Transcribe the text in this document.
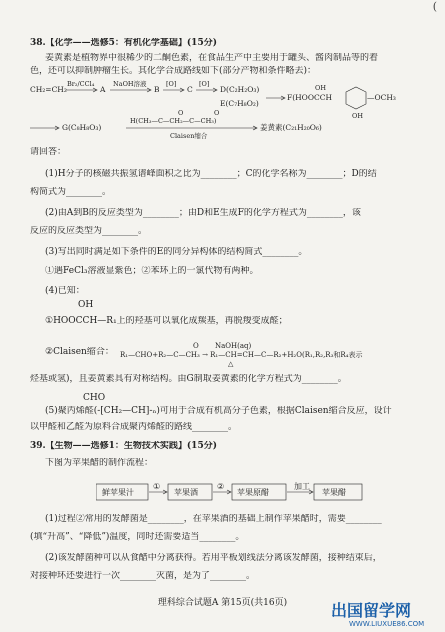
(
38.【化学——选修5：有机化学基础】(15分)
姜黄素是植物界中很稀少的二酮色素，在食品生产中主要用于罐头、酱肉制品等的着
色，还可以抑制肿瘤生长。其化学合成路线如下(部分产物和条件略去)：
CH₂=CH₂
Br₂/CCl₄
A
NaOH溶液
B
[O]
C
[O]
D(C₂H₂O₃)
E(C₇H₈O₂)
F(HOOCCH
OH
—OCH₃
OH
G(C₈H₈O₃)
O	O
H(CH₃—C—CH₂—C—CH₃)
Claisen缩合
姜黄素(C₂₁H₂₀O₆)
请回答：
(1)H分子的核磁共振氢谱峰面积之比为________；C的化学名称为________；D的结
构简式为________。
(2)由A到B的反应类型为________；由D和E生成F的化学方程式为________，该
反应的反应类型为________。
(3)写出同时满足如下条件的E的同分异构体的结构简式________。
①遇FeCl₃溶液显紫色；②苯环上的一氯代物有两种。
(4)已知：
OH
①HOOCCH—R₁上的羟基可以氧化成羰基，再脱羧变成醛；
②Claisen缩合：
O NaOH(aq)
△
R₁—CHO+R₂—C—CH₃ → R₁—CH=CH—C—R₂+H₂O(R₁,R₂,R₃和R₄表示
烃基或氢)，且姜黄素具有对称结构。由G制取姜黄素的化学方程式为________。
CHO
(5)聚丙烯醛(-[CH₂—CH]-ₙ)可用于合成有机高分子色素，根据Claisen缩合反应，设计
以甲醛和乙醛为原料合成聚丙烯醛的路线________。
39.【生物——选修1：生物技术实践】(15分)
下图为苹果醋的制作流程：
鲜苹果汁
①
苹果酒
②
苹果原醋
加工
苹果醋
(1)过程②常用的发酵菌是________，在苹果酒的基础上制作苹果醋时，需要________
(填“升高”、“降低”)温度，同时还需要适当________。
(2)该发酵菌种可以从食醋中分离获得。若用平板划线法分离该发酵菌，接种结束后，
对接种环还要进行一次________灭菌，是为了________。
理科综合试题A 第15页(共16页)	出国留学网
WWW.LIUXUE86.COM
